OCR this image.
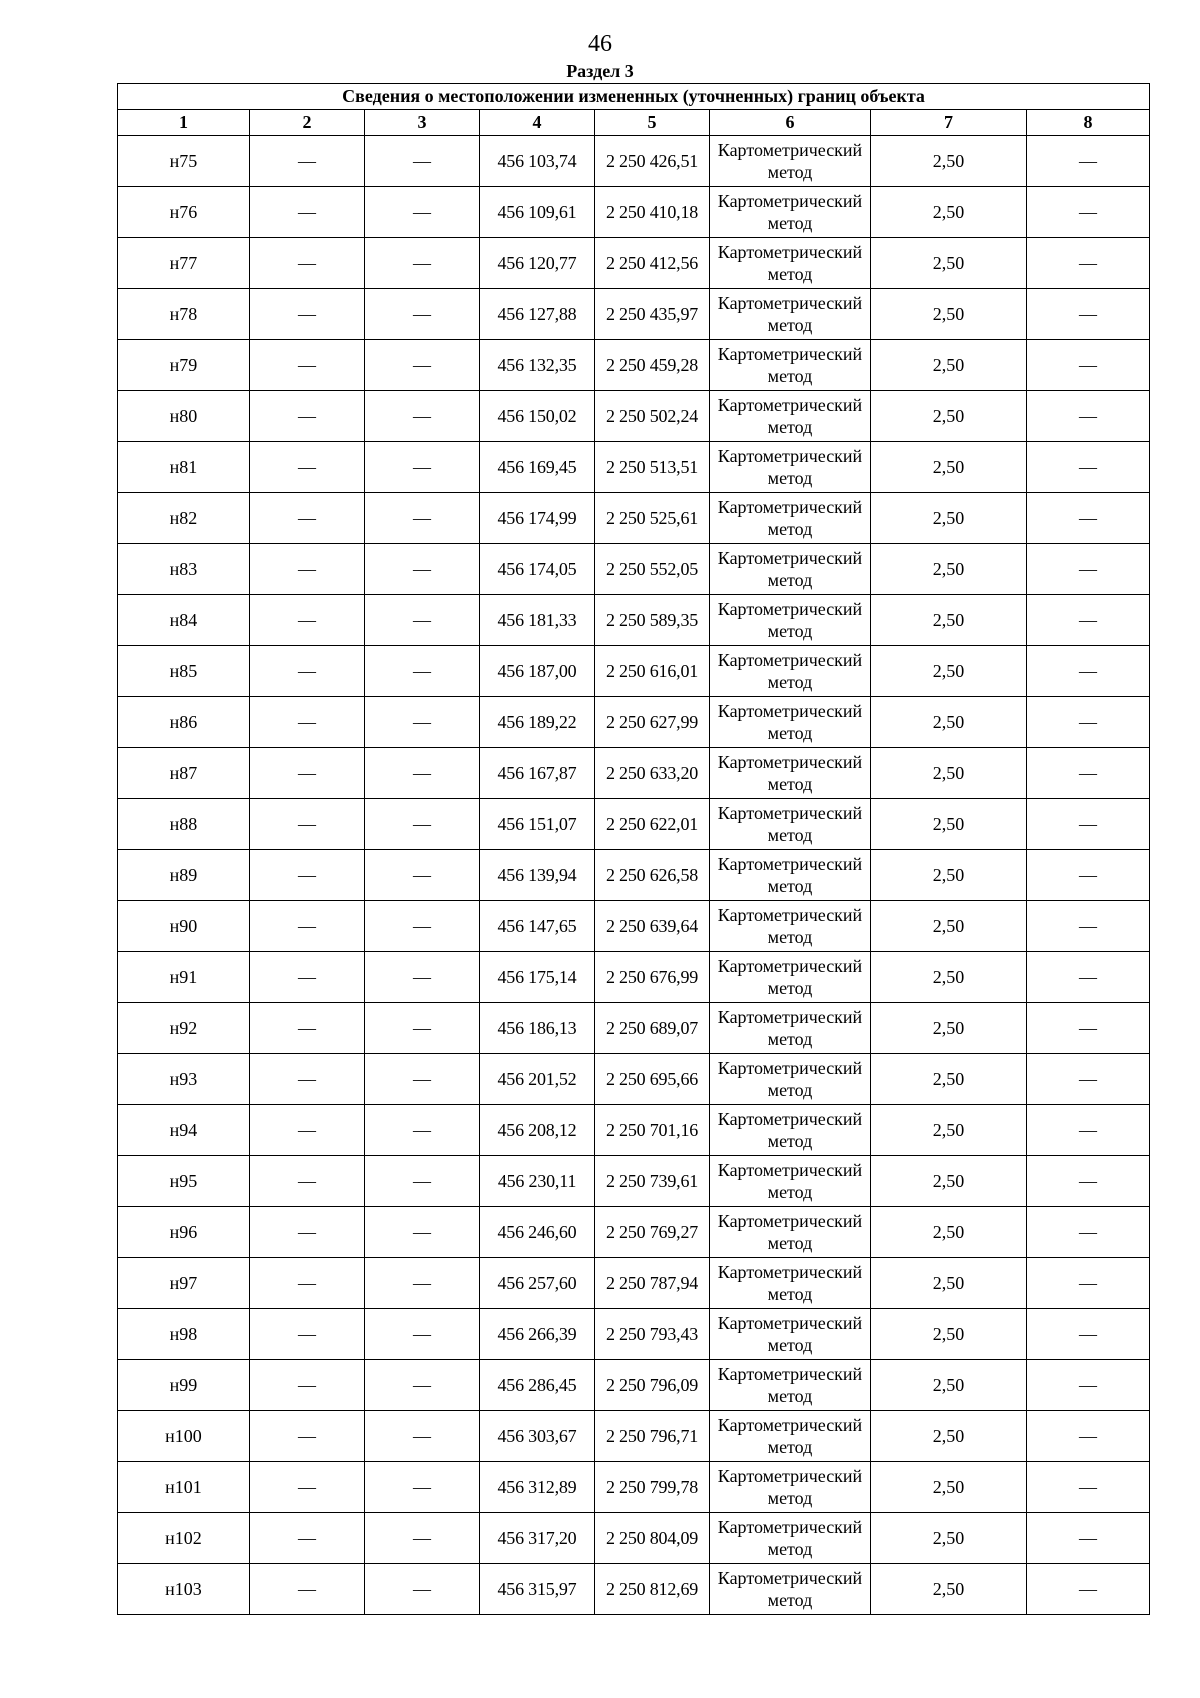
46
Раздел 3
Сведения о местоположении измененных (уточненных) границ объекта							
1	2	3	4	5	6	7	8
н75	—	—	456 103,74	2 250 426,51	Картометрический метод	2,50	—
н76	—	—	456 109,61	2 250 410,18	Картометрический метод	2,50	—
н77	—	—	456 120,77	2 250 412,56	Картометрический метод	2,50	—
н78	—	—	456 127,88	2 250 435,97	Картометрический метод	2,50	—
н79	—	—	456 132,35	2 250 459,28	Картометрический метод	2,50	—
н80	—	—	456 150,02	2 250 502,24	Картометрический метод	2,50	—
н81	—	—	456 169,45	2 250 513,51	Картометрический метод	2,50	—
н82	—	—	456 174,99	2 250 525,61	Картометрический метод	2,50	—
н83	—	—	456 174,05	2 250 552,05	Картометрический метод	2,50	—
н84	—	—	456 181,33	2 250 589,35	Картометрический метод	2,50	—
н85	—	—	456 187,00	2 250 616,01	Картометрический метод	2,50	—
н86	—	—	456 189,22	2 250 627,99	Картометрический метод	2,50	—
н87	—	—	456 167,87	2 250 633,20	Картометрический метод	2,50	—
н88	—	—	456 151,07	2 250 622,01	Картометрический метод	2,50	—
н89	—	—	456 139,94	2 250 626,58	Картометрический метод	2,50	—
н90	—	—	456 147,65	2 250 639,64	Картометрический метод	2,50	—
н91	—	—	456 175,14	2 250 676,99	Картометрический метод	2,50	—
н92	—	—	456 186,13	2 250 689,07	Картометрический метод	2,50	—
н93	—	—	456 201,52	2 250 695,66	Картометрический метод	2,50	—
н94	—	—	456 208,12	2 250 701,16	Картометрический метод	2,50	—
н95	—	—	456 230,11	2 250 739,61	Картометрический метод	2,50	—
н96	—	—	456 246,60	2 250 769,27	Картометрический метод	2,50	—
н97	—	—	456 257,60	2 250 787,94	Картометрический метод	2,50	—
н98	—	—	456 266,39	2 250 793,43	Картометрический метод	2,50	—
н99	—	—	456 286,45	2 250 796,09	Картометрический метод	2,50	—
н100	—	—	456 303,67	2 250 796,71	Картометрический метод	2,50	—
н101	—	—	456 312,89	2 250 799,78	Картометрический метод	2,50	—
н102	—	—	456 317,20	2 250 804,09	Картометрический метод	2,50	—
н103	—	—	456 315,97	2 250 812,69	Картометрический метод	2,50	—
